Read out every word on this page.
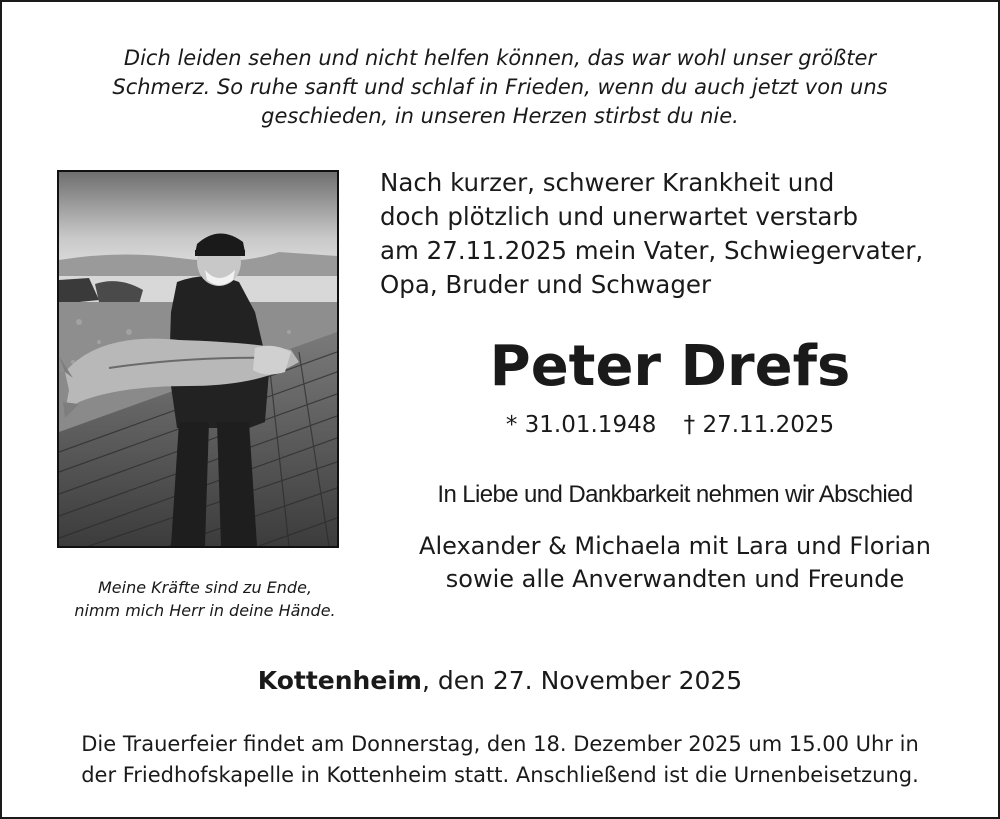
Dich leiden sehen und nicht helfen können, das war wohl unser größter
Schmerz. So ruhe sanft und schlaf in Frieden, wenn du auch jetzt von uns
geschieden, in unseren Herzen stirbst du nie.

Meine Kräfte sind zu Ende,
nimm mich Herr in deine Hände.

Nach kurzer, schwerer Krankheit und
doch plötzlich und unerwartet verstarb
am 27.11.2025 mein Vater, Schwiegervater,
Opa, Bruder und Schwager

Peter Drefs
* 31.01.1948 † 27.11.2025

In Liebe und Dankbarkeit nehmen wir Abschied

Alexander & Michaela mit Lara und Florian
sowie alle Anverwandten und Freunde

Kottenheim, den 27. November 2025

Die Trauerfeier findet am Donnerstag, den 18. Dezember 2025 um 15.00 Uhr in
der Friedhofskapelle in Kottenheim statt. Anschließend ist die Urnenbeisetzung.
